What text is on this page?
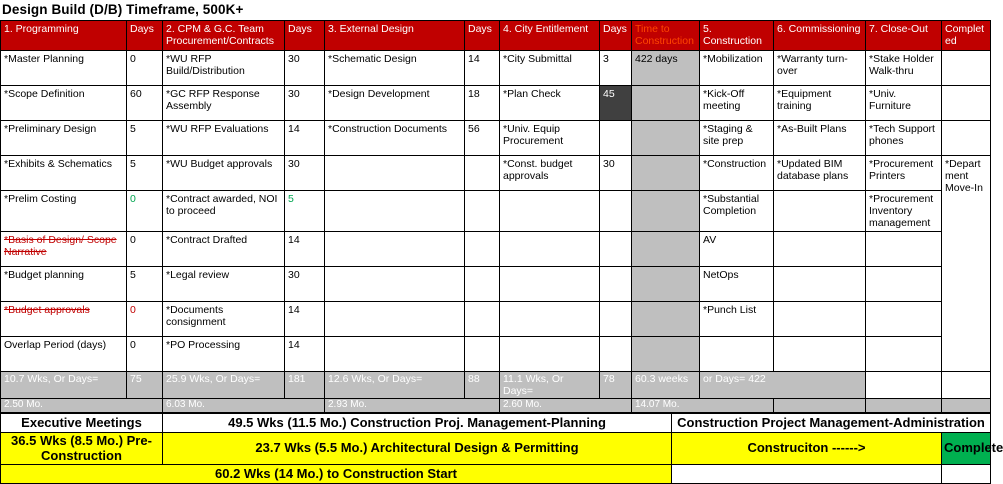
Design Build (D/B) Timeframe, 500K+
1. Programming	Days	2. CPM & G.C. Team Procurement/Contracts	Days	3. External Design	Days	4. City Entitlement	Days	Time to Construction	5. Construction	6. Commissioning	7. Close-Out	Completed
*Master Planning	0	*WU RFP Build/Distribution	30	*Schematic Design	14	*City Submittal	3	422 days	*Mobilization	*Warranty turn-over	*Stake Holder Walk-thru	
*Scope Definition	60	*GC RFP Response Assembly	30	*Design Development	18	*Plan Check	45		*Kick-Off meeting	*Equipment training	*Univ. Furniture	
*Preliminary Design	5	*WU RFP Evaluations	14	*Construction Documents	56	*Univ. Equip Procurement			*Staging & site prep	*As-Built Plans	*Tech Support phones	
*Exhibits & Schematics	5	*WU Budget approvals	30			*Const. budget approvals	30		*Construction	*Updated BIM database plans	*Procurement Printers	*Department Move-In
*Prelim Costing	0	*Contract awarded, NOI to proceed	5						*Substantial Completion		*Procurement Inventory management	
*Basis of Design/ Scope Narrative	0	*Contract Drafted	14						AV			
*Budget planning	5	*Legal review	30						NetOps			
*Budget approvals	0	*Documents consignment	14						*Punch List			
Overlap Period (days)	0	*PO Processing	14									
10.7 Wks, Or Days=	75	25.9 Wks, Or Days=	181	12.6 Wks, Or Days=	88	11.1 Wks, Or Days=	78	60.3 weeks	or Days= 422			
2.50 Mo.		6.03 Mo.		2.93 Mo.		2.60 Mo.		14.07 Mo.				
Executive Meetings	49.5 Wks (11.5 Mo.) Construction Proj. Management-Planning	Construction Project Management-Administration	
36.5 Wks (8.5 Mo.) Pre-Construction	23.7 Wks (5.5 Mo.) Architectural Design & Permitting	Construciton ------>	Complete
60.2 Wks (14 Mo.) to Construction Start			
